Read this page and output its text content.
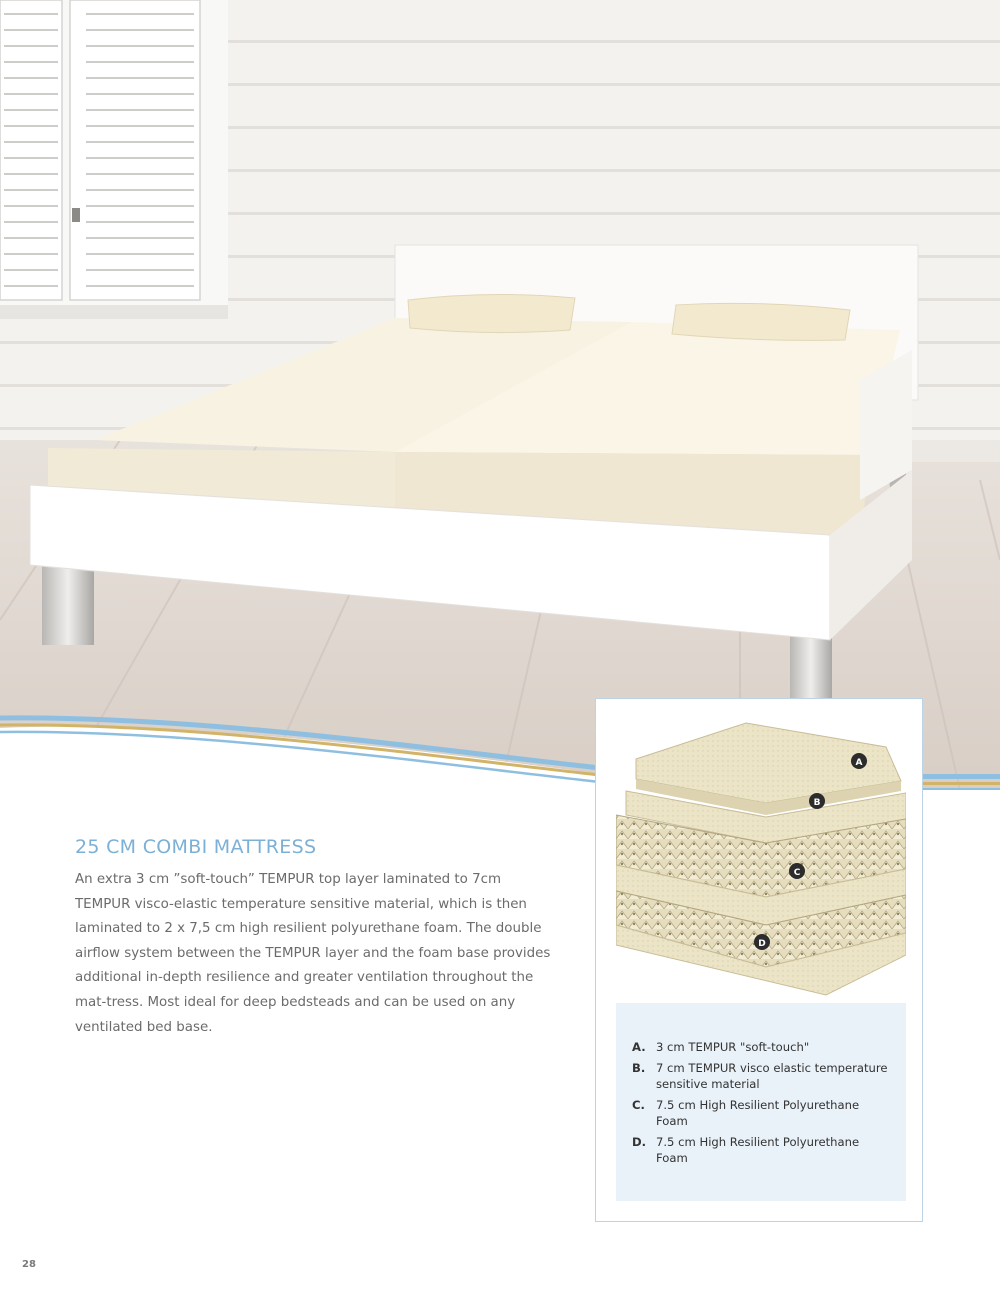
25 CM COMBI MATTRESS

An extra 3 cm ”soft-touch” TEMPUR top layer laminated to 7cm TEMPUR visco-elastic temperature sensitive material, which is then laminated to 2 x 7,5 cm high resilient polyurethane foam. The double airflow system between the TEMPUR layer and the foam base provides additional in-depth resilience and greater ventilation throughout the mat-tress. Most ideal for deep bedsteads and can be used on any ventilated bed base.

A
B
C
D
A. 3 cm TEMPUR "soft-touch"
B. 7 cm TEMPUR visco elastic temperature sensitive material
C. 7.5 cm High Resilient Polyurethane Foam
D. 7.5 cm High Resilient Polyurethane Foam
28
